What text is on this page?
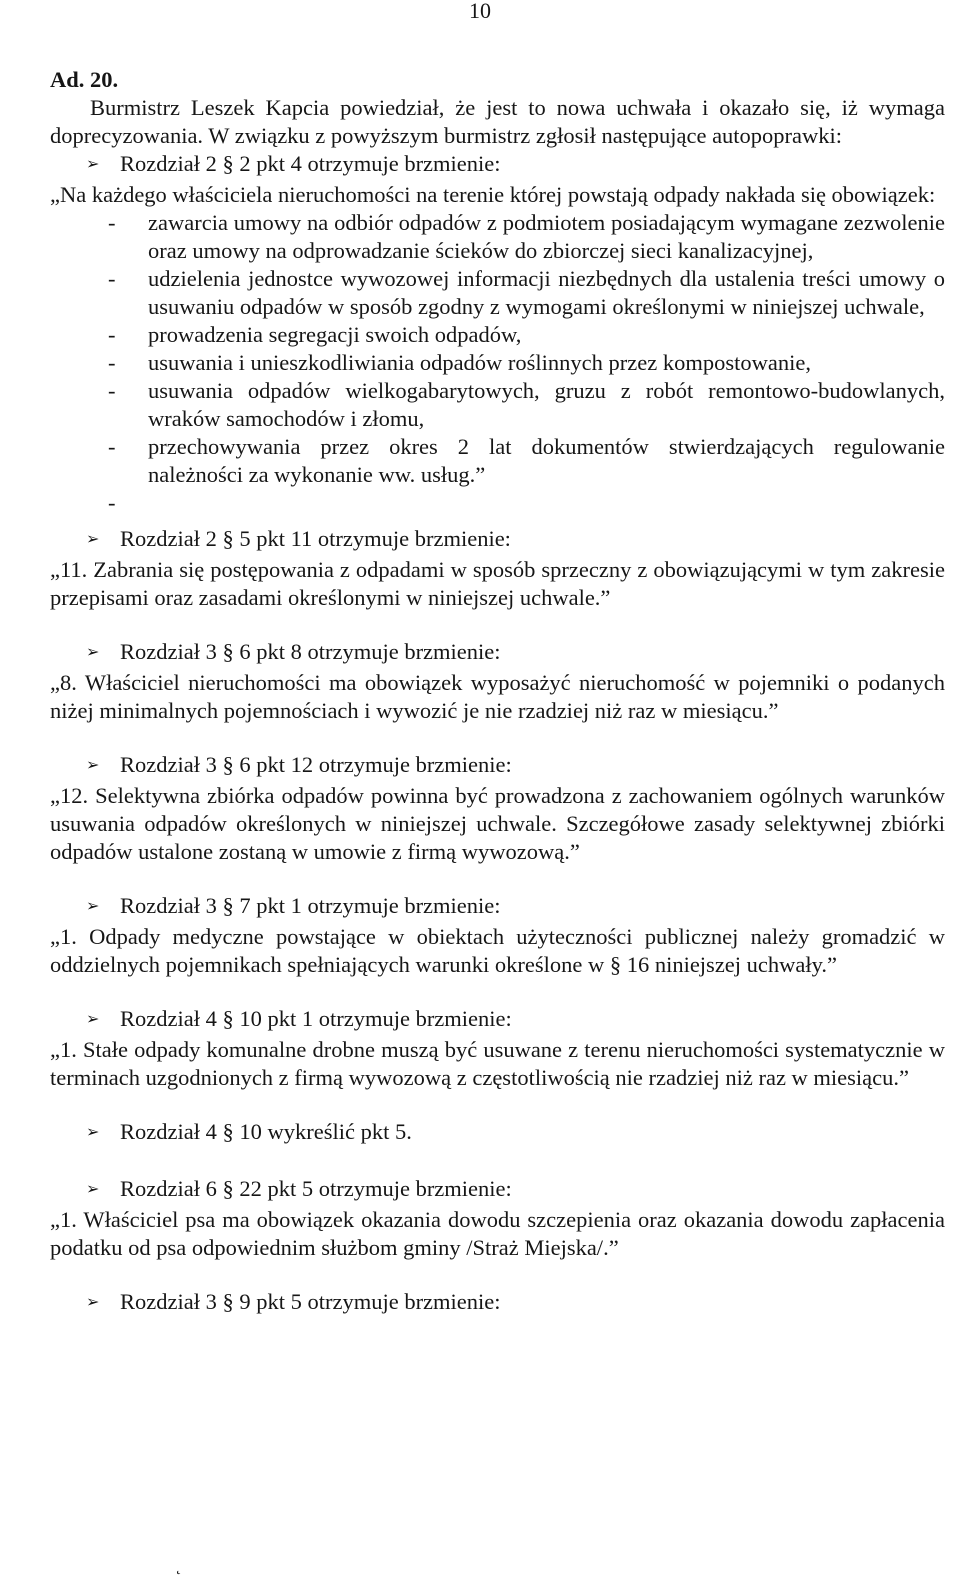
10

Ad. 20.

Burmistrz Leszek Kapcia powiedział, że jest to nowa uchwała i okazało się, iż wymaga doprecyzowania. W związku z powyższym burmistrz zgłosił następujące autopoprawki:

➢ Rozdział 2 § 2 pkt 4 otrzymuje brzmienie:

„Na każdego właściciela nieruchomości na terenie której powstają odpady nakłada się obowiązek:

-	zawarcia umowy na odbiór odpadów z podmiotem posiadającym wymagane zezwolenie oraz umowy na odprowadzanie ścieków do zbiorczej sieci kanalizacyjnej,
-	udzielenia jednostce wywozowej informacji niezbędnych dla ustalenia treści umowy o usuwaniu odpadów w sposób zgodny z wymogami określonymi w niniejszej uchwale,
-	prowadzenia segregacji swoich odpadów,
-	usuwania i unieszkodliwiania odpadów roślinnych przez kompostowanie,
-	usuwania odpadów wielkogabarytowych, gruzu z robót remontowo-budowlanych, wraków samochodów i złomu,
-	przechowywania przez okres 2 lat dokumentów stwierdzających regulowanie należności za wykonanie ww. usług.”
-
➢ Rozdział 2 § 5 pkt 11 otrzymuje brzmienie:

„11. Zabrania się postępowania z odpadami w sposób sprzeczny z obowiązującymi w tym zakresie przepisami oraz zasadami określonymi w niniejszej uchwale.”

➢ Rozdział 3 § 6 pkt 8 otrzymuje brzmienie:

„8. Właściciel nieruchomości ma obowiązek wyposażyć nieruchomość w pojemniki o podanych niżej minimalnych pojemnościach i wywozić je nie rzadziej niż raz w miesiącu.”

➢ Rozdział 3 § 6 pkt 12 otrzymuje brzmienie:

„12. Selektywna zbiórka odpadów powinna być prowadzona z zachowaniem ogólnych warunków usuwania odpadów określonych w niniejszej uchwale. Szczegółowe zasady selektywnej zbiórki odpadów ustalone zostaną w umowie z firmą wywozową.”

➢ Rozdział 3 § 7 pkt 1 otrzymuje brzmienie:

„1. Odpady medyczne powstające w obiektach użyteczności publicznej należy gromadzić w oddzielnych pojemnikach spełniających warunki określone w § 16 niniejszej uchwały.”

➢ Rozdział 4 § 10 pkt 1 otrzymuje brzmienie:

„1. Stałe odpady komunalne drobne muszą być usuwane z terenu nieruchomości systematycznie w terminach uzgodnionych z firmą wywozową z częstotliwością nie rzadziej niż raz w miesiącu.”

➢ Rozdział 4 § 10 wykreślić pkt 5.
➢ Rozdział 6 § 22 pkt 5 otrzymuje brzmienie:

„1. Właściciel psa ma obowiązek okazania dowodu szczepienia oraz okazania dowodu zapłacenia podatku od psa odpowiednim służbom gminy /Straż Miejska/.”

➢ Rozdział 3 § 9 pkt 5 otrzymuje brzmienie:
˛
